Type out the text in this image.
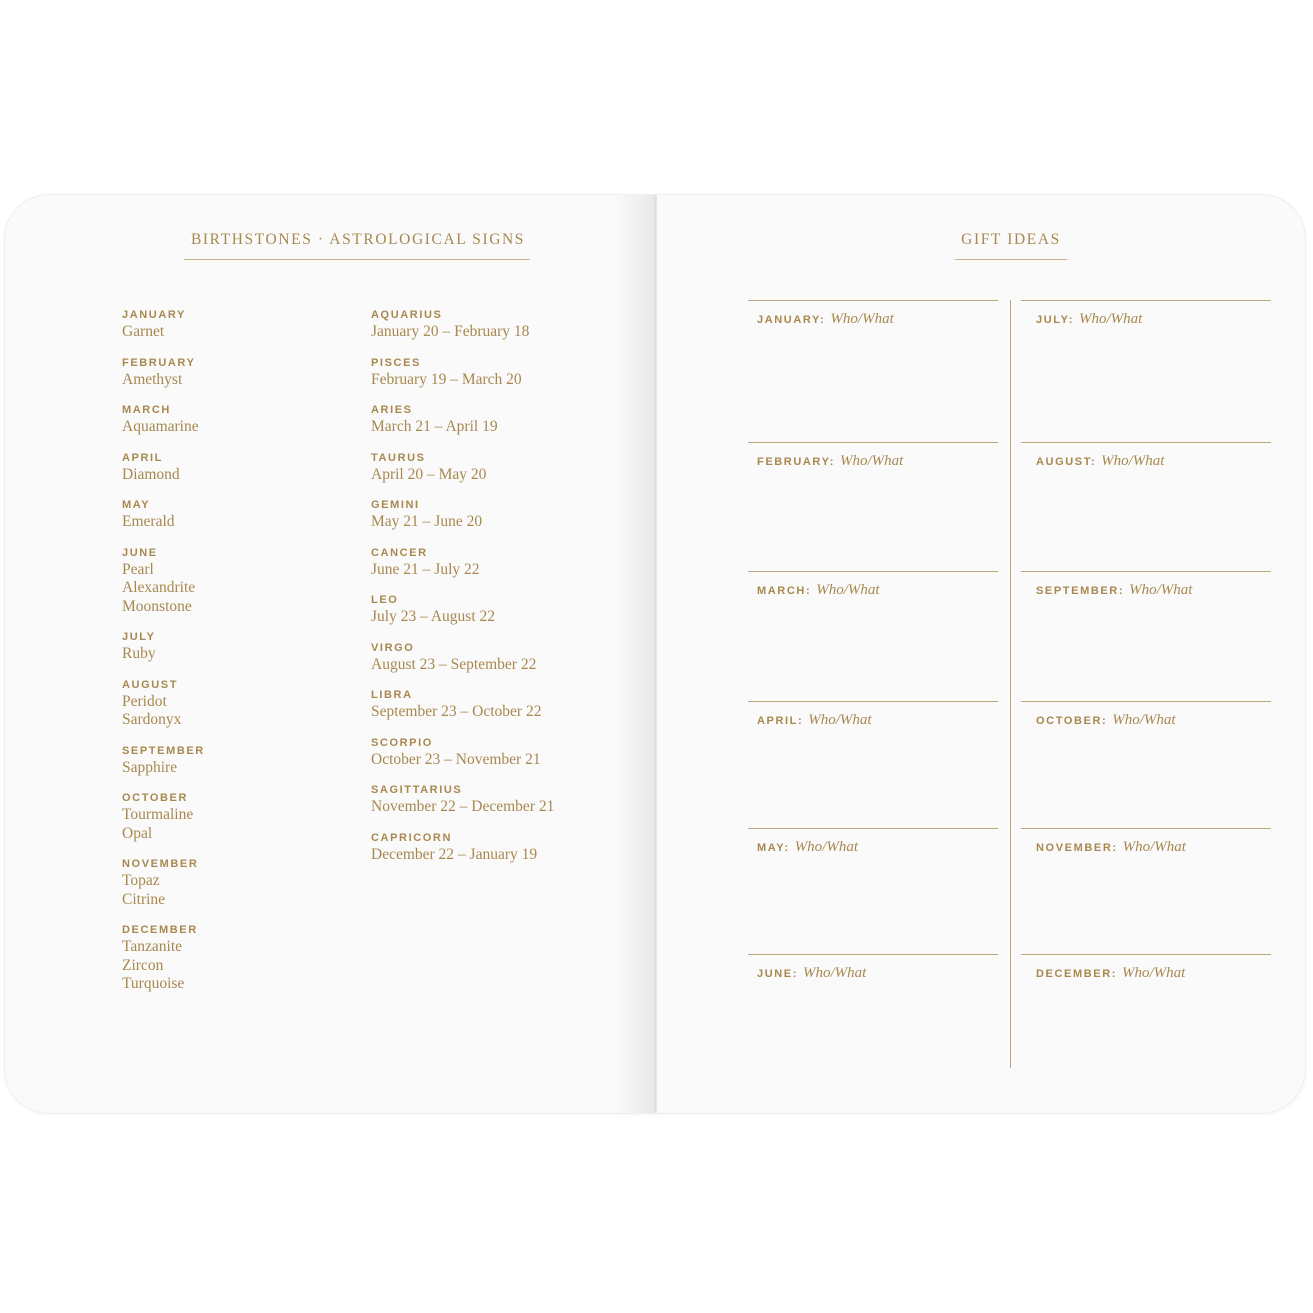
BIRTHSTONES · ASTROLOGICAL SIGNS
JANUARY
Garnet
FEBRUARY
Amethyst
MARCH
Aquamarine
APRIL
Diamond
MAY
Emerald
JUNE
Pearl
Alexandrite
Moonstone
JULY
Ruby
AUGUST
Peridot
Sardonyx
SEPTEMBER
Sapphire
OCTOBER
Tourmaline
Opal
NOVEMBER
Topaz
Citrine
DECEMBER
Tanzanite
Zircon
Turquoise
AQUARIUS
January 20 – February 18
PISCES
February 19 – March 20
ARIES
March 21 – April 19
TAURUS
April 20 – May 20
GEMINI
May 21 – June 20
CANCER
June 21 – July 22
LEO
July 23 – August 22
VIRGO
August 23 – September 22
LIBRA
September 23 – October 22
SCORPIO
October 23 – November 21
SAGITTARIUS
November 22 – December 21
CAPRICORN
December 22 – January 19
GIFT IDEAS
JANUARY: Who/What
FEBRUARY: Who/What
MARCH: Who/What
APRIL: Who/What
MAY: Who/What
JUNE: Who/What
JULY: Who/What
AUGUST: Who/What
SEPTEMBER: Who/What
OCTOBER: Who/What
NOVEMBER: Who/What
DECEMBER: Who/What
